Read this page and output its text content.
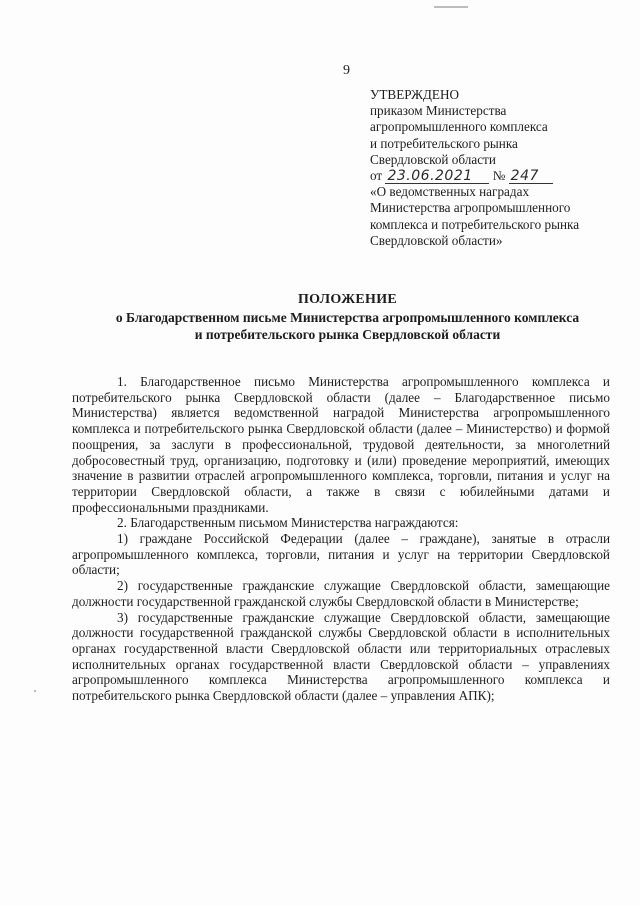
9
УТВЕРЖДЕНО
приказом Министерства
агропромышленного комплекса
и потребительского рынка
Свердловской области
от 23.06.2021 № 247
«О ведомственных наградах
Министерства агропромышленного
комплекса и потребительского рынка
Свердловской области»
ПОЛОЖЕНИЕ
о Благодарственном письме Министерства агропромышленного комплекса
и потребительского рынка Свердловской области

1. Благодарственное письмо Министерства агропромышленного комплекса и потребительского рынка Свердловской области (далее – Благодарственное письмо Министерства) является ведомственной наградой Министерства агропромышленного комплекса и потребительского рынка Свердловской области (далее – Министерство) и формой поощрения, за заслуги в профессиональной, трудовой деятельности, за многолетний добросовестный труд, организацию, подготовку и (или) проведение мероприятий, имеющих значение в развитии отраслей агропромышленного комплекса, торговли, питания и услуг на территории Свердловской области, а также в связи с юбилейными датами и профессиональными праздниками.

2. Благодарственным письмом Министерства награждаются:

1) граждане Российской Федерации (далее – граждане), занятые в отрасли агропромышленного комплекса, торговли, питания и услуг на территории Свердловской области;

2) государственные гражданские служащие Свердловской области, замещающие должности государственной гражданской службы Свердловской области в Министерстве;

3) государственные гражданские служащие Свердловской области, замещающие должности государственной гражданской службы Свердловской области в исполнительных органах государственной власти Свердловской области или территориальных отраслевых исполнительных органах государственной власти Свердловской области – управлениях агропромышленного комплекса Министерства агропромышленного комплекса и потребительского рынка Свердловской области (далее – управления АПК);
